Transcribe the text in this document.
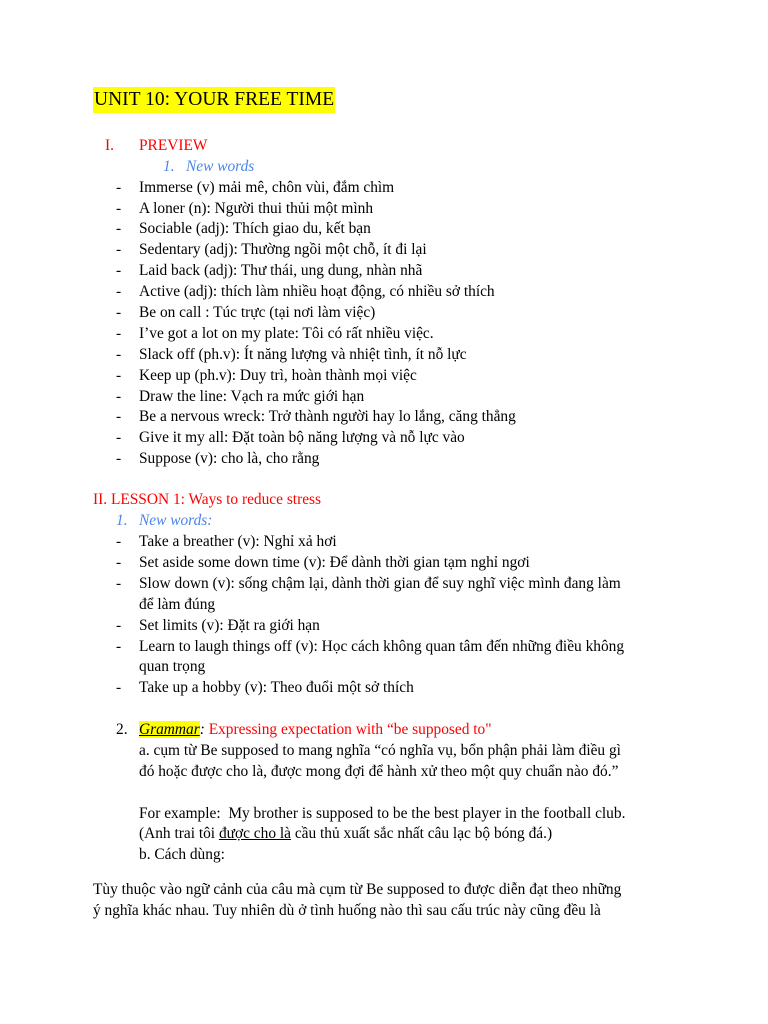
UNIT 10: YOUR FREE TIME
I. PREVIEW
1. New words
- Immerse (v) mải mê, chôn vùi, đắm chìm
- A loner (n): Người thui thủi một mình
- Sociable (adj): Thích giao du, kết bạn
- Sedentary (adj): Thường ngồi một chỗ, ít đi lại
- Laid back (adj): Thư thái, ung dung, nhàn nhã
- Active (adj): thích làm nhiều hoạt động, có nhiều sở thích
- Be on call : Túc trực (tại nơi làm việc)
- I’ve got a lot on my plate: Tôi có rất nhiều việc.
- Slack off (ph.v): Ít năng lượng và nhiệt tình, ít nỗ lực
- Keep up (ph.v): Duy trì, hoàn thành mọi việc
- Draw the line: Vạch ra mức giới hạn
- Be a nervous wreck: Trở thành người hay lo lắng, căng thẳng
- Give it my all: Đặt toàn bộ năng lượng và nỗ lực vào
- Suppose (v): cho là, cho rằng
II. LESSON 1: Ways to reduce stress
1. New words:
- Take a breather (v): Nghỉ xả hơi
- Set aside some down time (v): Để dành thời gian tạm nghỉ ngơi
- Slow down (v): sống chậm lại, dành thời gian để suy nghĩ việc mình đang làm
để làm đúng
- Set limits (v): Đặt ra giới hạn
- Learn to laugh things off (v): Học cách không quan tâm đến những điều không
quan trọng
- Take up a hobby (v): Theo đuổi một sở thích
2. Grammar: Expressing expectation with “be supposed to"
a. cụm từ Be supposed to mang nghĩa “có nghĩa vụ, bổn phận phải làm điều gì
đó hoặc được cho là, được mong đợi để hành xử theo một quy chuẩn nào đó.”
For example:  My brother is supposed to be the best player in the football club.
(Anh trai tôi được cho là cầu thủ xuất sắc nhất câu lạc bộ bóng đá.)
b. Cách dùng:
Tùy thuộc vào ngữ cảnh của câu mà cụm từ Be supposed to được diễn đạt theo những
ý nghĩa khác nhau. Tuy nhiên dù ở tình huống nào thì sau cấu trúc này cũng đều là
